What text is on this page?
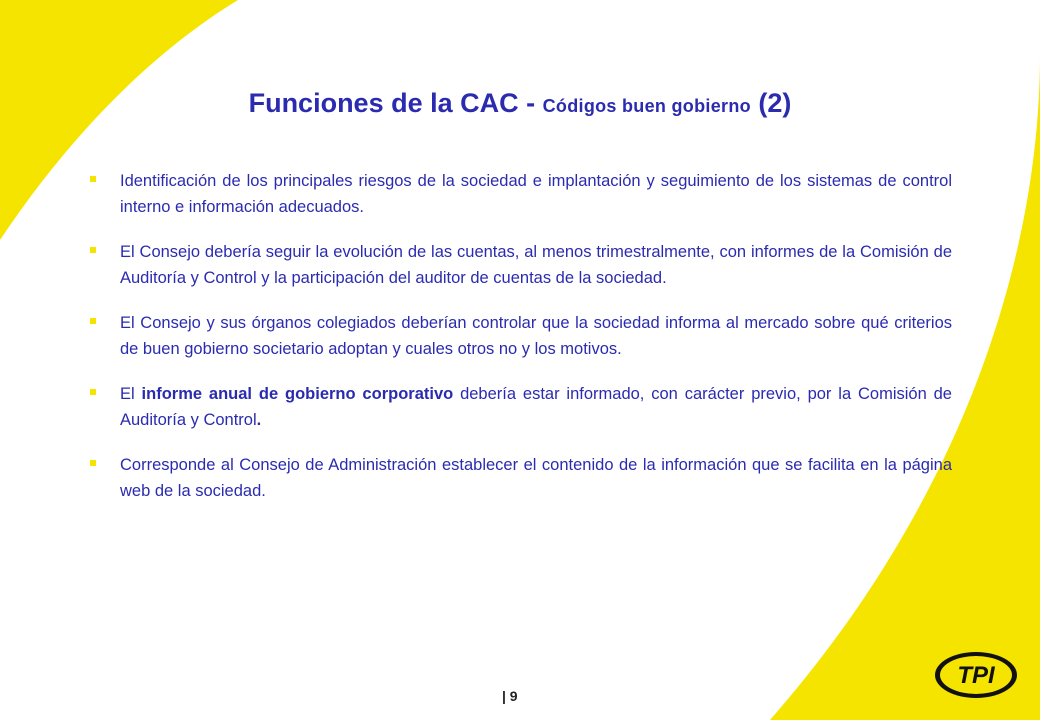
Funciones de la CAC - Códigos buen gobierno (2)
Identificación de los principales riesgos de la sociedad e implantación y seguimiento de los sistemas de control interno e información adecuados.
El Consejo debería seguir la evolución de las cuentas, al menos trimestralmente, con informes de la Comisión de Auditoría y Control y la participación del auditor de cuentas de la sociedad.
El Consejo y sus órganos colegiados deberían controlar que la sociedad informa al mercado sobre qué criterios de buen gobierno societario adoptan y cuales otros no y los motivos.
El informe anual de gobierno corporativo debería estar informado, con carácter previo, por la Comisión de Auditoría y Control.
Corresponde al Consejo de Administración establecer el contenido de la información que se facilita en la página web de la sociedad.
| 9
TPI
